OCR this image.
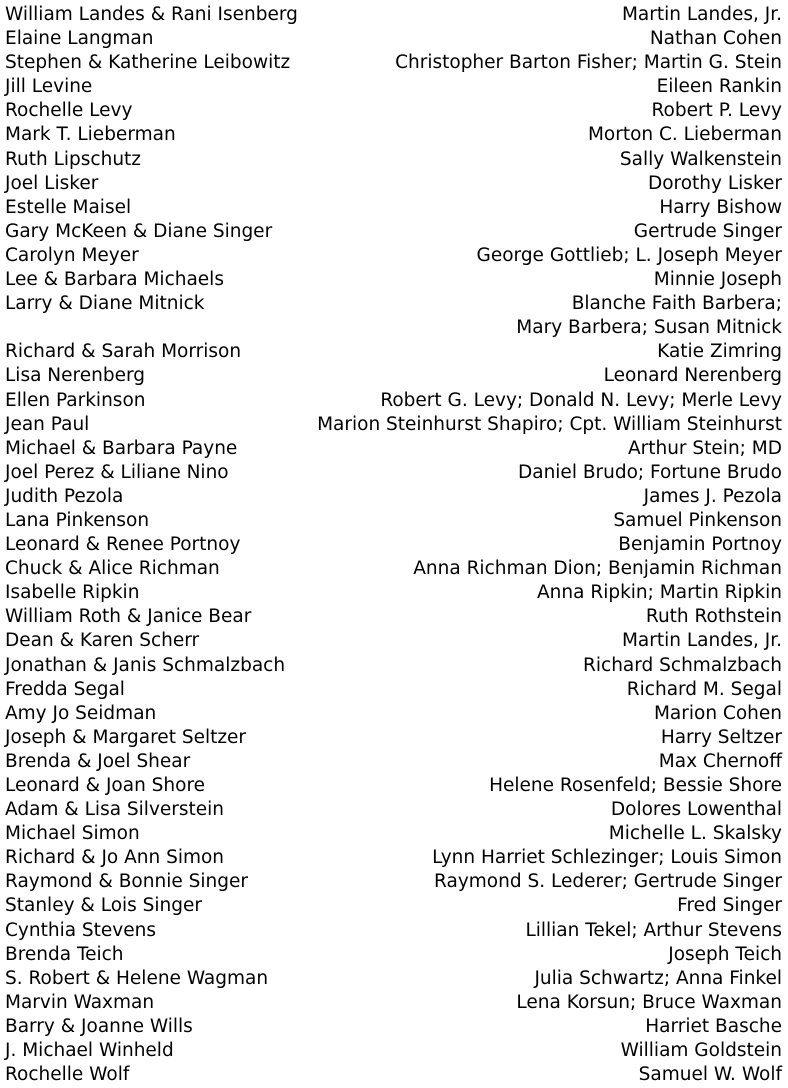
William Landes & Rani Isenberg	Martin Landes, Jr.
Elaine Langman	Nathan Cohen
Stephen & Katherine Leibowitz	Christopher Barton Fisher; Martin G. Stein
Jill Levine	Eileen Rankin
Rochelle Levy	Robert P. Levy
Mark T. Lieberman	Morton C. Lieberman
Ruth Lipschutz	Sally Walkenstein
Joel Lisker	Dorothy Lisker
Estelle Maisel	Harry Bishow
Gary McKeen & Diane Singer	Gertrude Singer
Carolyn Meyer	George Gottlieb; L. Joseph Meyer
Lee & Barbara Michaels	Minnie Joseph
Larry & Diane Mitnick	Blanche Faith Barbera;
Mary Barbera; Susan Mitnick
Richard & Sarah Morrison	Katie Zimring
Lisa Nerenberg	Leonard Nerenberg
Ellen Parkinson	Robert G. Levy; Donald N. Levy; Merle Levy
Jean Paul	Marion Steinhurst Shapiro; Cpt. William Steinhurst
Michael & Barbara Payne	Arthur Stein; MD
Joel Perez & Liliane Nino	Daniel Brudo; Fortune Brudo
Judith Pezola	James J. Pezola
Lana Pinkenson	Samuel Pinkenson
Leonard & Renee Portnoy	Benjamin Portnoy
Chuck & Alice Richman	Anna Richman Dion; Benjamin Richman
Isabelle Ripkin	Anna Ripkin; Martin Ripkin
William Roth & Janice Bear	Ruth Rothstein
Dean & Karen Scherr	Martin Landes, Jr.
Jonathan & Janis Schmalzbach	Richard Schmalzbach
Fredda Segal	Richard M. Segal
Amy Jo Seidman	Marion Cohen
Joseph & Margaret Seltzer	Harry Seltzer
Brenda & Joel Shear	Max Chernoff
Leonard & Joan Shore	Helene Rosenfeld; Bessie Shore
Adam & Lisa Silverstein	Dolores Lowenthal
Michael Simon	Michelle L. Skalsky
Richard & Jo Ann Simon	Lynn Harriet Schlezinger; Louis Simon
Raymond & Bonnie Singer	Raymond S. Lederer; Gertrude Singer
Stanley & Lois Singer	Fred Singer
Cynthia Stevens	Lillian Tekel; Arthur Stevens
Brenda Teich	Joseph Teich
S. Robert & Helene Wagman	Julia Schwartz; Anna Finkel
Marvin Waxman	Lena Korsun; Bruce Waxman
Barry & Joanne Wills	Harriet Basche
J. Michael Winheld	William Goldstein
Rochelle Wolf	Samuel W. Wolf
